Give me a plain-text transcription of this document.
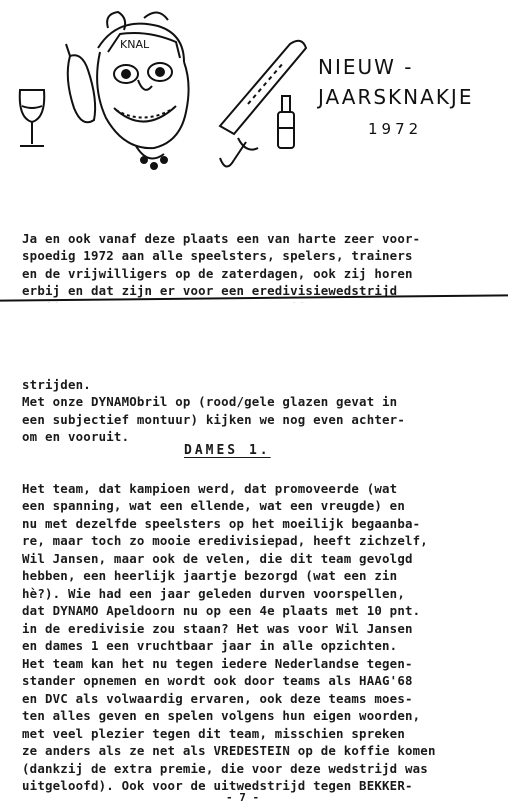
KNAL
NIEUW -
JAARSKNAKJE
1972

Ja en ook vanaf deze plaats een van harte zeer voor-
spoedig 1972 aan alle speelsters, spelers, trainers
en de vrijwilligers op de zaterdagen, ook zij horen
erbij en dat zijn er voor een eredivisiewedstrijd

strijden.
Met onze DYNAMObril op (rood/gele glazen gevat in
een subjectief montuur) kijken we nog even achter-
om en vooruit.

DAMES 1.

Het team, dat kampioen werd, dat promoveerde (wat
een spanning, wat een ellende, wat een vreugde) en
nu met dezelfde speelsters op het moeilijk begaanba-
re, maar toch zo mooie eredivisiepad, heeft zichzelf,
Wil Jansen, maar ook de velen, die dit team gevolgd
hebben, een heerlijk jaartje bezorgd (wat een zin
hè?). Wie had een jaar geleden durven voorspellen,
dat DYNAMO Apeldoorn nu op een 4e plaats met 10 pnt.
in de eredivisie zou staan? Het was voor Wil Jansen
en dames 1 een vruchtbaar jaar in alle opzichten.
Het team kan het nu tegen iedere Nederlandse tegen-
stander opnemen en wordt ook door teams als HAAG'68
en DVC als volwaardig ervaren, ook deze teams moes-
ten alles geven en spelen volgens hun eigen woorden,
met veel plezier tegen dit team, misschien spreken
ze anders als ze net als VREDESTEIN op de koffie komen
(dankzij de extra premie, die voor deze wedstrijd was
uitgeloofd). Ook voor de uitwedstrijd tegen BEKKER-

- 7 -
